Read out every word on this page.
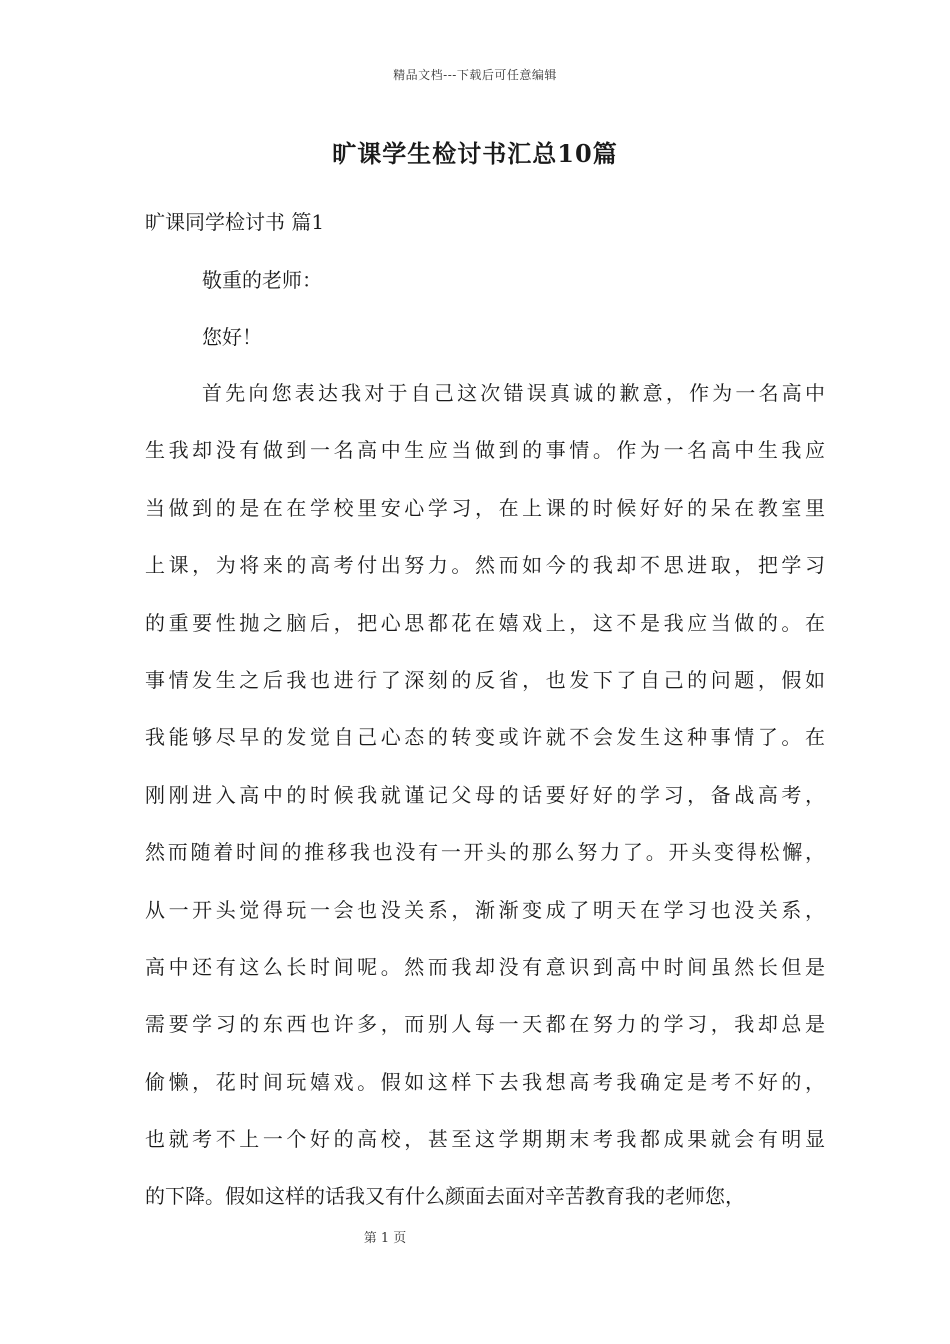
精品文档---下载后可任意编辑
旷课学生检讨书汇总10篇
旷课同学检讨书 篇1
敬重的老师：
您好！
首先向您表达我对于自己这次错误真诚的歉意，作为一名高中
生我却没有做到一名高中生应当做到的事情。作为一名高中生我应
当做到的是在在学校里安心学习，在上课的时候好好的呆在教室里
上课，为将来的高考付出努力。然而如今的我却不思进取，把学习
的重要性抛之脑后，把心思都花在嬉戏上，这不是我应当做的。在
事情发生之后我也进行了深刻的反省，也发下了自己的问题，假如
我能够尽早的发觉自己心态的转变或许就不会发生这种事情了。在
刚刚进入高中的时候我就谨记父母的话要好好的学习，备战高考，
然而随着时间的推移我也没有一开头的那么努力了。开头变得松懈，
从一开头觉得玩一会也没关系，渐渐变成了明天在学习也没关系，
高中还有这么长时间呢。然而我却没有意识到高中时间虽然长但是
需要学习的东西也许多，而别人每一天都在努力的学习，我却总是
偷懒，花时间玩嬉戏。假如这样下去我想高考我确定是考不好的，
也就考不上一个好的高校，甚至这学期期末考我都成果就会有明显
的下降。假如这样的话我又有什么颜面去面对辛苦教育我的老师您，
第 1 页
